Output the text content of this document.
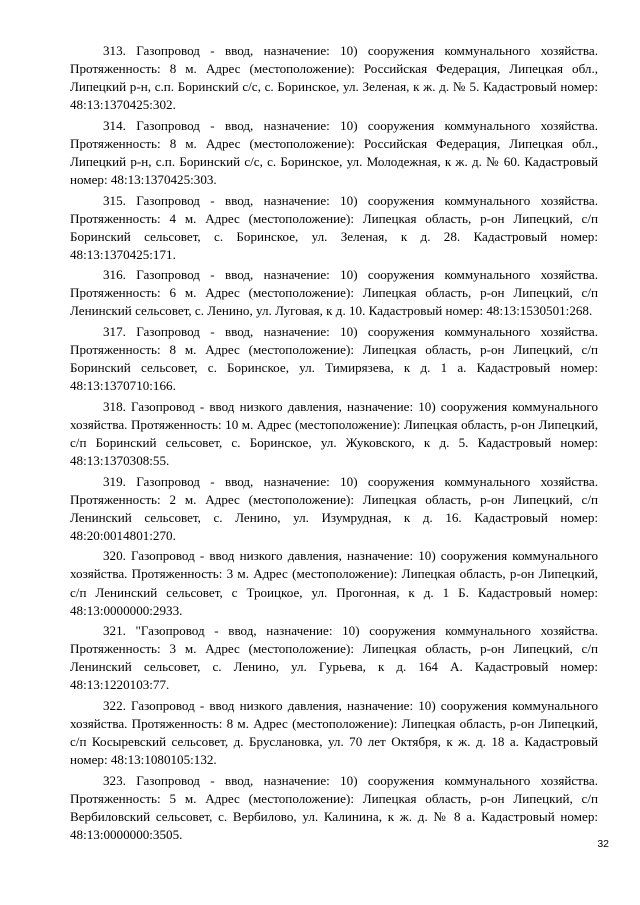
313. Газопровод - ввод, назначение: 10) сооружения коммунального хозяйства. Протяженность: 8 м. Адрес (местоположение): Российская Федерация, Липецкая обл., Липецкий р-н, с.п. Боринский с/с, с. Боринское, ул. Зеленая, к ж. д. № 5. Кадастровый номер: 48:13:1370425:302.

314. Газопровод - ввод, назначение: 10) сооружения коммунального хозяйства. Протяженность: 8 м. Адрес (местоположение): Российская Федерация, Липецкая обл., Липецкий р-н, с.п. Боринский с/с, с. Боринское, ул. Молодежная, к ж. д. № 60. Кадастровый номер: 48:13:1370425:303.

315. Газопровод - ввод, назначение: 10) сооружения коммунального хозяйства. Протяженность: 4 м. Адрес (местоположение): Липецкая область, р-он Липецкий, с/п Боринский сельсовет, с. Боринское, ул. Зеленая, к д. 28. Кадастровый номер: 48:13:1370425:171.

316. Газопровод - ввод, назначение: 10) сооружения коммунального хозяйства. Протяженность: 6 м. Адрес (местоположение): Липецкая область, р-он Липецкий, с/п Ленинский сельсовет, с. Ленино, ул. Луговая, к д. 10. Кадастровый номер: 48:13:1530501:268.

317. Газопровод - ввод, назначение: 10) сооружения коммунального хозяйства. Протяженность: 8 м. Адрес (местоположение): Липецкая область, р-он Липецкий, с/п Боринский сельсовет, с. Боринское, ул. Тимирязева, к д. 1 а. Кадастровый номер: 48:13:1370710:166.

318. Газопровод - ввод низкого давления, назначение: 10) сооружения коммунального хозяйства. Протяженность: 10 м. Адрес (местоположение): Липецкая область, р-он Липецкий, с/п Боринский сельсовет, с. Боринское, ул. Жуковского, к д. 5. Кадастровый номер: 48:13:1370308:55.

319. Газопровод - ввод, назначение: 10) сооружения коммунального хозяйства. Протяженность: 2 м. Адрес (местоположение): Липецкая область, р-он Липецкий, с/п Ленинский сельсовет, с. Ленино, ул. Изумрудная, к д. 16. Кадастровый номер: 48:20:0014801:270.

320. Газопровод - ввод низкого давления, назначение: 10) сооружения коммунального хозяйства. Протяженность: 3 м. Адрес (местоположение): Липецкая область, р-он Липецкий, с/п Ленинский сельсовет, с Троицкое, ул. Прогонная, к д. 1 Б. Кадастровый номер: 48:13:0000000:2933.

321. "Газопровод - ввод, назначение: 10) сооружения коммунального хозяйства. Протяженность: 3 м. Адрес (местоположение): Липецкая область, р-он Липецкий, с/п Ленинский сельсовет, с. Ленино, ул. Гурьева, к д. 164 А. Кадастровый номер: 48:13:1220103:77.

322. Газопровод - ввод низкого давления, назначение: 10) сооружения коммунального хозяйства. Протяженность: 8 м. Адрес (местоположение): Липецкая область, р-он Липецкий, с/п Косыревский сельсовет, д. Бруслановка, ул. 70 лет Октября, к ж. д. 18 а. Кадастровый номер: 48:13:1080105:132.

323. Газопровод - ввод, назначение: 10) сооружения коммунального хозяйства. Протяженность: 5 м. Адрес (местоположение): Липецкая область, р-он Липецкий, с/п Вербиловский сельсовет, с. Вербилово, ул. Калинина, к ж. д. № 8 а. Кадастровый номер: 48:13:0000000:3505.

32
